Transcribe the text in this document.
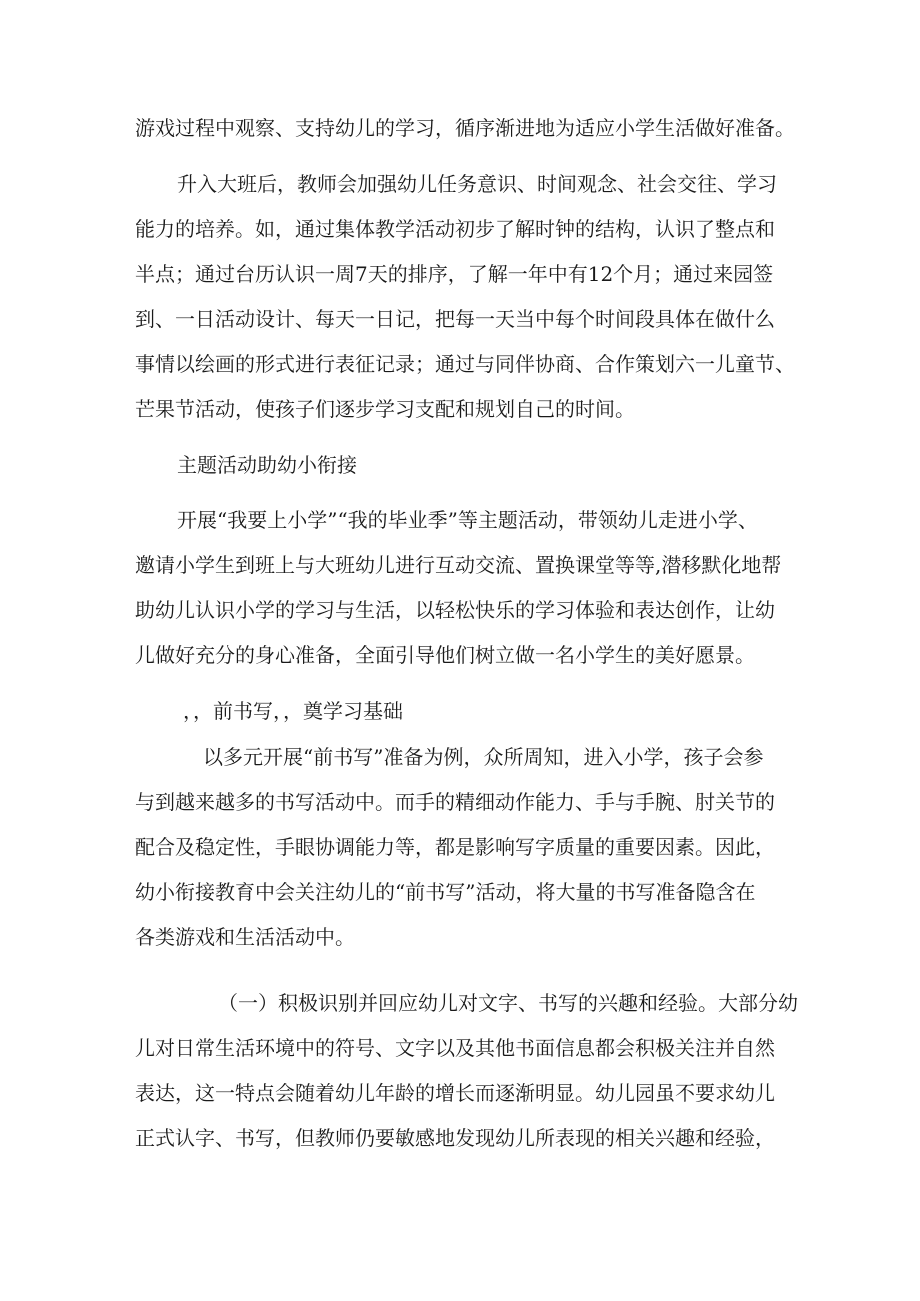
游戏过程中观察、支持幼儿的学习，循序渐进地为适应小学生活做好准备。

升入大班后，教师会加强幼儿任务意识、时间观念、社会交往、学习

能力的培养。如，通过集体教学活动初步了解时钟的结构，认识了整点和

半点；通过台历认识一周7天的排序，了解一年中有12个月；通过来园签

到、一日活动设计、每天一日记，把每一天当中每个时间段具体在做什么

事情以绘画的形式进行表征记录；通过与同伴协商、合作策划六一儿童节、

芒果节活动，使孩子们逐步学习支配和规划自己的时间。

主题活动助幼小衔接

开展“我要上小学”“我的毕业季”等主题活动，带领幼儿走进小学、

邀请小学生到班上与大班幼儿进行互动交流、置换课堂等等,潜移默化地帮

助幼儿认识小学的学习与生活，以轻松快乐的学习体验和表达创作，让幼

儿做好充分的身心准备，全面引导他们树立做一名小学生的美好愿景。

，，前书写，，奠学习基础

以多元开展“前书写”准备为例，众所周知，进入小学，孩子会参

与到越来越多的书写活动中。而手的精细动作能力、手与手腕、肘关节的

配合及稳定性，手眼协调能力等，都是影响写字质量的重要因素。因此，

幼小衔接教育中会关注幼儿的“前书写”活动，将大量的书写准备隐含在

各类游戏和生活活动中。

（一）积极识别并回应幼儿对文字、书写的兴趣和经验。大部分幼

儿对日常生活环境中的符号、文字以及其他书面信息都会积极关注并自然

表达，这一特点会随着幼儿年龄的增长而逐渐明显。幼儿园虽不要求幼儿

正式认字、书写，但教师仍要敏感地发现幼儿所表现的相关兴趣和经验，
